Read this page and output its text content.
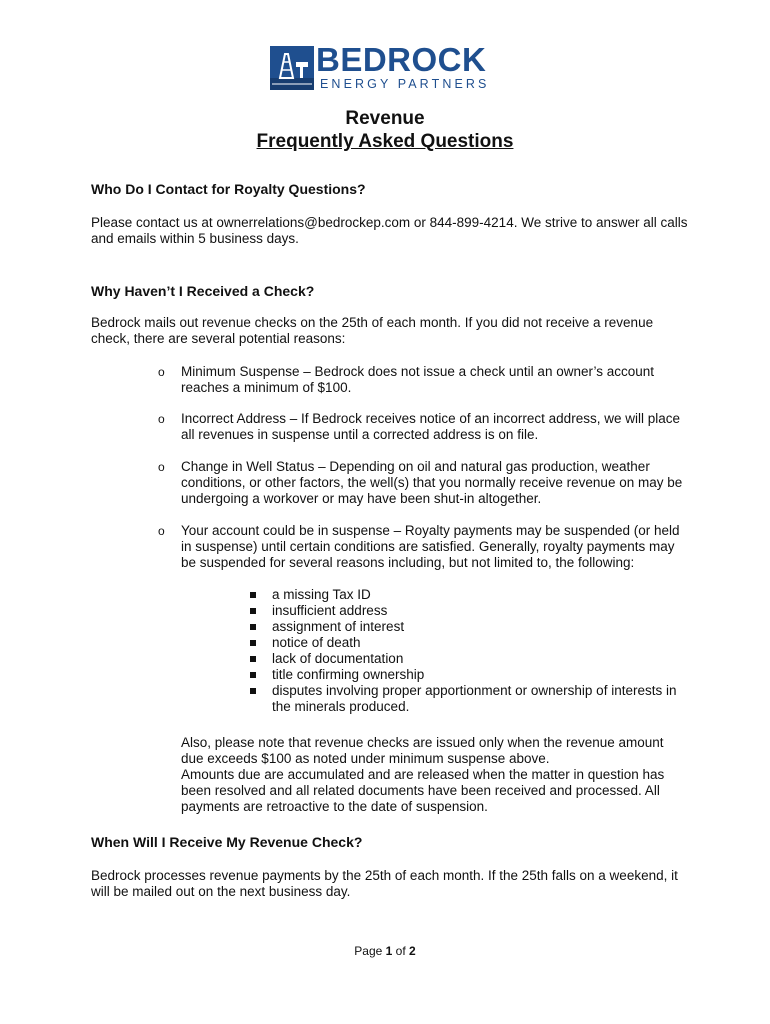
BEDROCK
ENERGY PARTNERS
Revenue
Frequently Asked Questions
Who Do I Contact for Royalty Questions?

Please contact us at ownerrelations@bedrockep.com or 844-899-4214. We strive to answer all calls and emails within 5 business days.

Why Haven’t I Received a Check?

Bedrock mails out revenue checks on the 25th of each month. If you did not receive a revenue check, there are several potential reasons:

o Minimum Suspense – Bedrock does not issue a check until an owner’s account reaches a minimum of $100.
o Incorrect Address – If Bedrock receives notice of an incorrect address, we will place all revenues in suspense until a corrected address is on file.
o Change in Well Status – Depending on oil and natural gas production, weather conditions, or other factors, the well(s) that you normally receive revenue on may be undergoing a workover or may have been shut-in altogether.
o Your account could be in suspense – Royalty payments may be suspended (or held in suspense) until certain conditions are satisfied. Generally, royalty payments may be suspended for several reasons including, but not limited to, the following:
a missing Tax ID
insufficient address
assignment of interest
notice of death
lack of documentation
title confirming ownership
disputes involving proper apportionment or ownership of interests in the minerals produced.
Also, please note that revenue checks are issued only when the revenue amount due exceeds $100 as noted under minimum suspense above.
Amounts due are accumulated and are released when the matter in question has been resolved and all related documents have been received and processed. All payments are retroactive to the date of suspension.
When Will I Receive My Revenue Check?

Bedrock processes revenue payments by the 25th of each month. If the 25th falls on a weekend, it will be mailed out on the next business day.

Page 1 of 2
